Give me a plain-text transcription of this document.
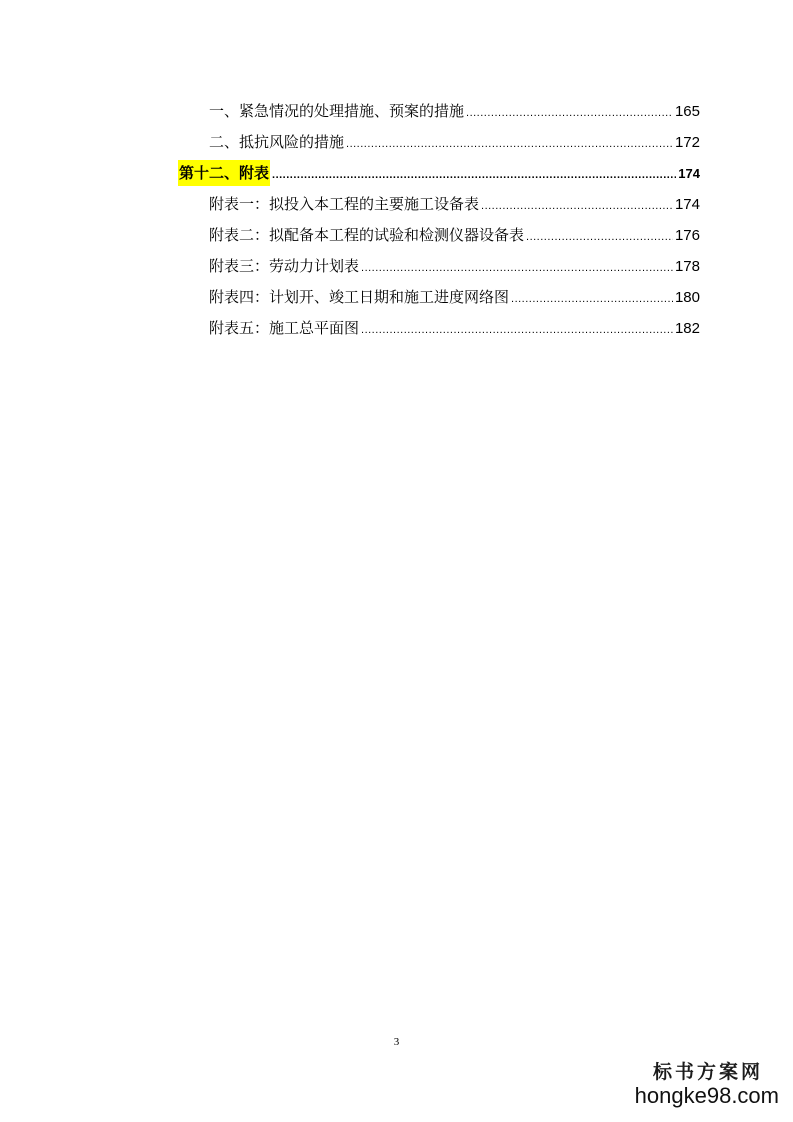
一、紧急情况的处理措施、预案的措施 .....	165
二、抵抗风险的措施 .....	172
第十二、附表 .....	174
附表一：拟投入本工程的主要施工设备表 .....	174
附表二：拟配备本工程的试验和检测仪器设备表 .....	176
附表三：劳动力计划表 .....	178
附表四：计划开、竣工日期和施工进度网络图 .....	180
附表五：施工总平面图 .....	182
3
标书方案网
hongke98.com
